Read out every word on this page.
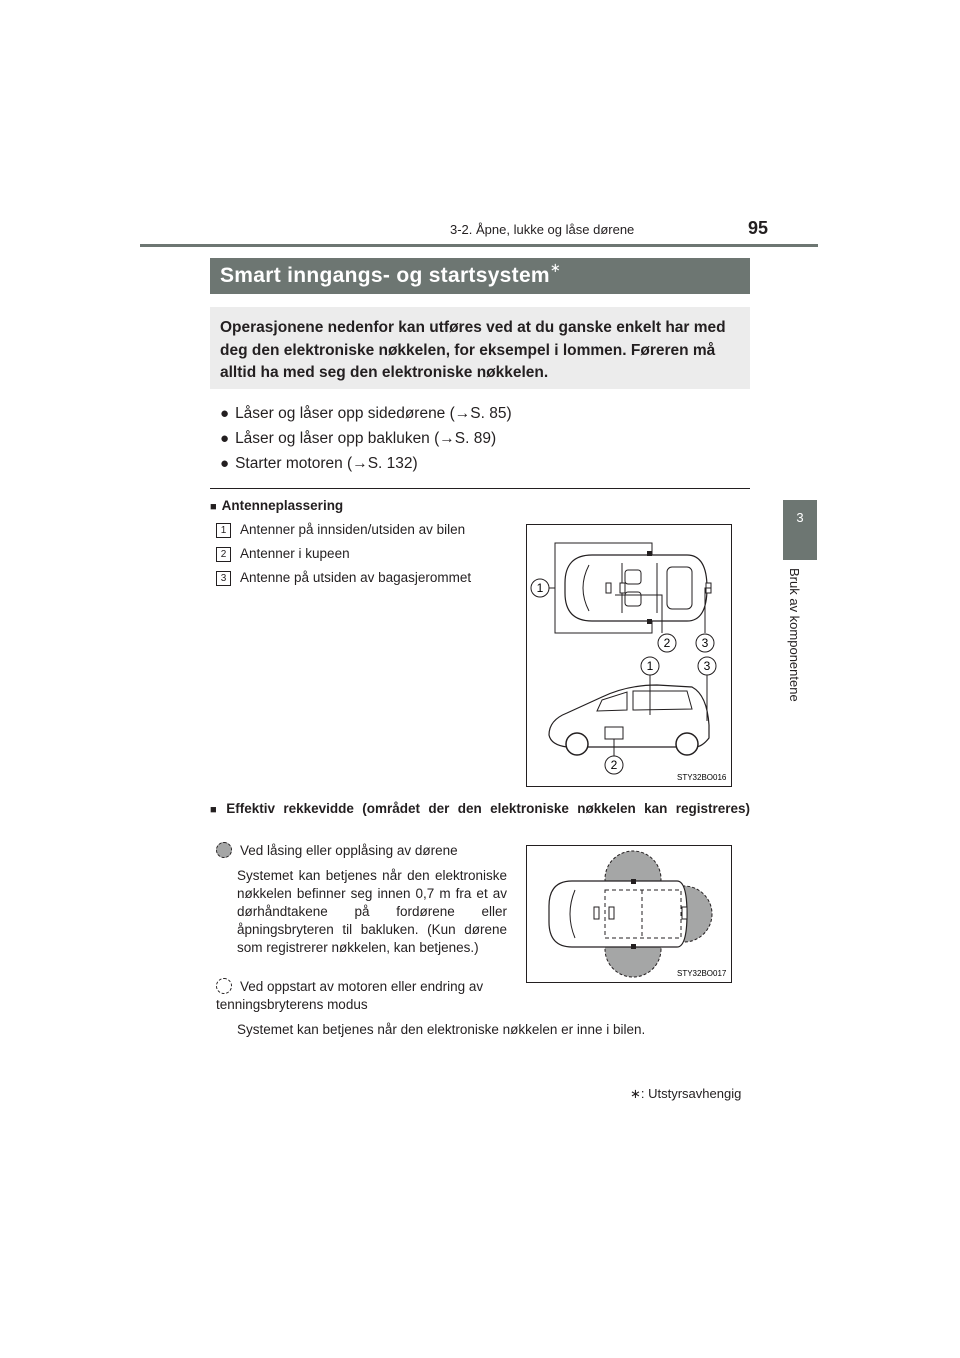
3-2. Åpne, lukke og låse dørene	95
3
Bruk av komponentene
Smart inngangs- og startsystem∗

Operasjonene nedenfor kan utføres ved at du ganske enkelt har med deg den elektroniske nøkkelen, for eksempel i lommen. Føreren må alltid ha med seg den elektroniske nøkkelen.

● Låser og låser opp sidedørene (→S. 85)
● Låser og låser opp bakluken (→S. 89)
● Starter motoren (→S. 132)
■ Antenneplassering
1 Antenner på innsiden/utsiden av bilen
2 Antenner i kupeen
3 Antenne på utsiden av bagasjerommet
1
2	3
1	3
2
STY32BO016
■ Effektiv rekkevidde (området der den elektroniske nøkkelen kan registreres)
Ved låsing eller opplåsing av dørene
Systemet kan betjenes når den elektroniske nøkkelen befinner seg innen 0,7 m fra et av dørhåndtakene på fordørene eller åpningsbryteren til bakluken. (Kun dørene som registrerer nøkkelen, kan betjenes.)
Ved oppstart av motoren eller endring av tenningsbryterens modus
Systemet kan betjenes når den elektroniske nøkkelen er inne i bilen.
STY32BO017
∗: Utstyrsavhengig
